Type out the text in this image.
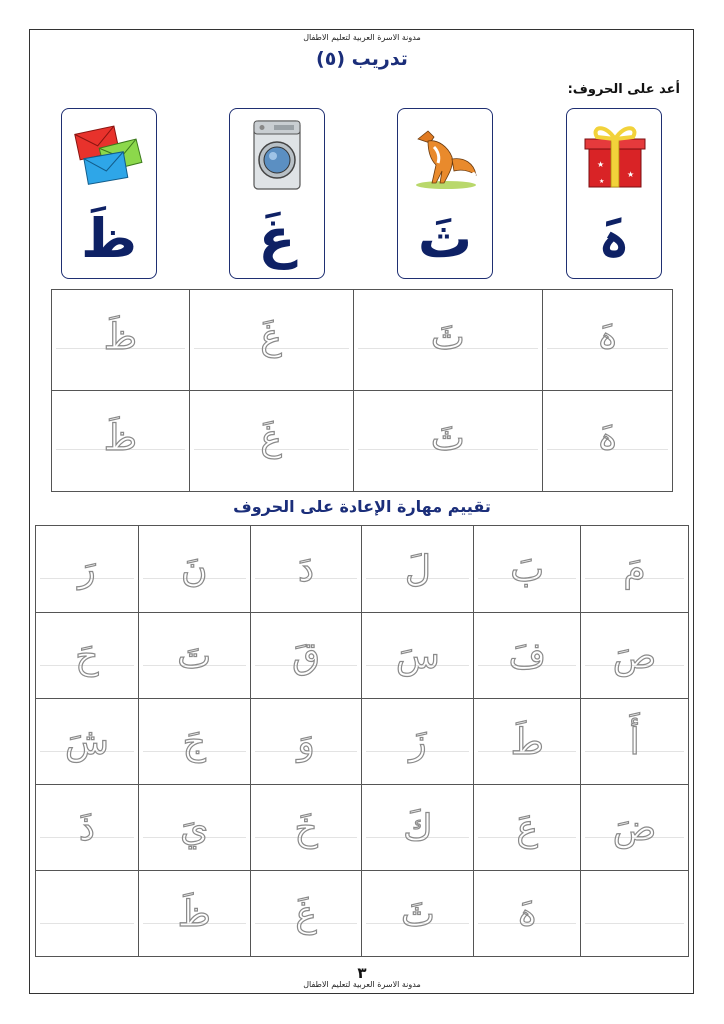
مدونة الاسرة العربية لتعليم الاطفال
تدريب (٥)
أعد على الحروف:
ظَ	غَ	ثَ
★
★
★
ہَ
ظَ	غَ	ثَ	ہَ

ظَ	غَ	ثَ	ہَ
تقييم مهارة الإعادة على الحروف
رَ	نَ	دَ	لَ	بَ	مَ

حَ	تَ	قَ	سَ	فَ	صَ

شَ	جَ	وَ	زَ	طَ	أَ

ذَ	يَ	خَ	كَ	عَ	ضَ

	ظَ	غَ	ثَ	ہَ	

٣
مدونة الاسرة العربية لتعليم الاطفال
